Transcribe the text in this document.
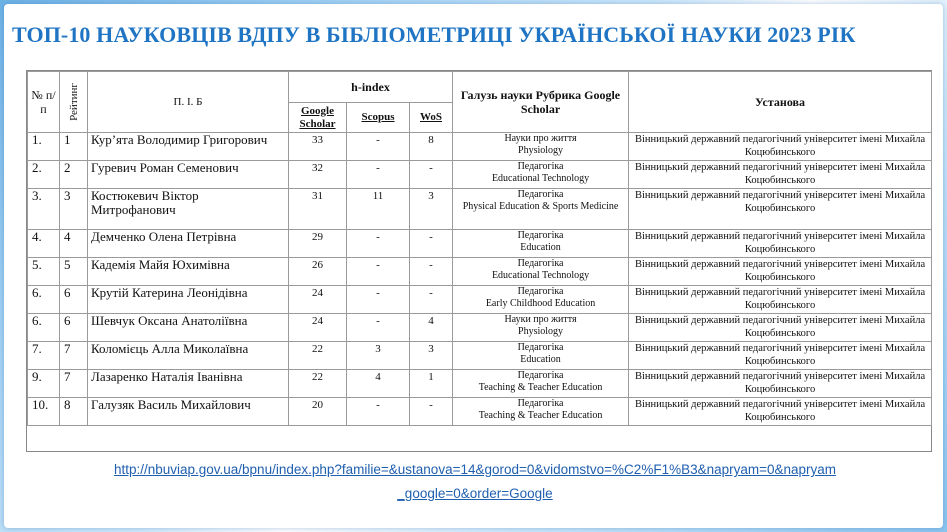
ТОП-10 НАУКОВЦІВ ВДПУ В БІБЛІОМЕТРИЦІ УКРАЇНСЬКОЇ НАУКИ 2023 РІК
№ п/ п	Рейтинг	П. І. Б	h-index			Галузь науки Рубрика Google Scholar	Установа
			Google Scholar	Scopus	WoS		
1.	1	Кур’ята Володимир Григорович	33	-	8	Науки про життя
Physiology	Вінницький державний педагогічний університет імені Михайла Коцюбинського
2.	2	Гуревич Роман Семенович	32	-	-	Педагогіка
Educational Technology	Вінницький державний педагогічний університет імені Михайла Коцюбинського
3.	3	Костюкевич Віктор Митрофанович	31	11	3	Педагогіка
Physical Education & Sports Medicine	Вінницький державний педагогічний університет імені Михайла Коцюбинського
4.	4	Демченко Олена Петрівна	29	-	-	Педагогіка
Education	Вінницький державний педагогічний університет імені Михайла Коцюбинського
5.	5	Кадемія Майя Юхимівна	26	-	-	Педагогіка
Educational Technology	Вінницький державний педагогічний університет імені Михайла Коцюбинського
6.	6	Крутій Катерина Леонідівна	24	-	-	Педагогіка
Early Childhood Education	Вінницький державний педагогічний університет імені Михайла Коцюбинського
6.	6	Шевчук Оксана Анатоліївна	24	-	4	Науки про життя
Physiology	Вінницький державний педагогічний університет імені Михайла Коцюбинського
7.	7	Коломієць Алла Миколаївна	22	3	3	Педагогіка
Education	Вінницький державний педагогічний університет імені Михайла Коцюбинського
9.	7	Лазаренко Наталія Іванівна	22	4	1	Педагогіка
Teaching & Teacher Education	Вінницький державний педагогічний університет імені Михайла Коцюбинського
10.	8	Галузяк Василь Михайлович	20	-	-	Педагогіка
Teaching & Teacher Education	Вінницький державний педагогічний університет імені Михайла Коцюбинського
http://nbuviap.gov.ua/bpnu/index.php?familie=&ustanova=14&gorod=0&vidomstvo=%C2%F1%B3&napryam=0&napryam
_google=0&order=Google
